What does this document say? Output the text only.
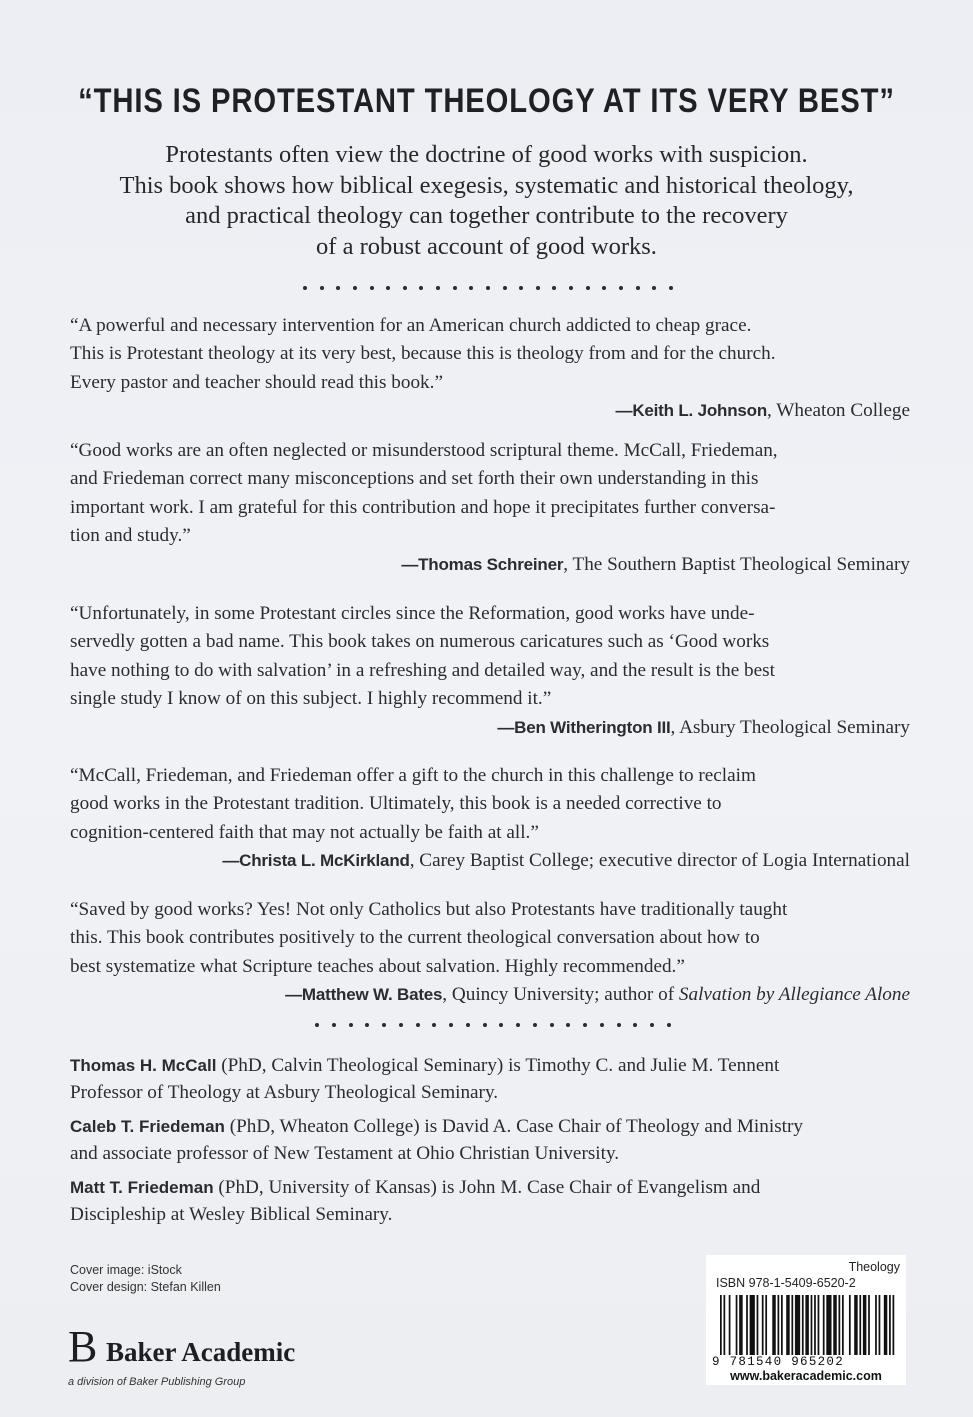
“THIS IS PROTESTANT THEOLOGY AT ITS VERY BEST”
Protestants often view the doctrine of good works with suspicion.
This book shows how biblical exegesis, systematic and historical theology,
and practical theology can together contribute to the recovery
of a robust account of good works.
“A powerful and necessary intervention for an American church addicted to cheap grace.
This is Protestant theology at its very best, because this is theology from and for the church.
Every pastor and teacher should read this book.”
—Keith L. Johnson, Wheaton College
“Good works are an often neglected or misunderstood scriptural theme. McCall, Friedeman,
and Friedeman correct many misconceptions and set forth their own understanding in this
important work. I am grateful for this contribution and hope it precipitates further conversa-
tion and study.”
—Thomas Schreiner, The Southern Baptist Theological Seminary
“Unfortunately, in some Protestant circles since the Reformation, good works have unde-
servedly gotten a bad name. This book takes on numerous caricatures such as ‘Good works
have nothing to do with salvation’ in a refreshing and detailed way, and the result is the best
single study I know of on this subject. I highly recommend it.”
—Ben Witherington III, Asbury Theological Seminary
“McCall, Friedeman, and Friedeman offer a gift to the church in this challenge to reclaim
good works in the Protestant tradition. Ultimately, this book is a needed corrective to
cognition-centered faith that may not actually be faith at all.”
—Christa L. McKirkland, Carey Baptist College; executive director of Logia International
“Saved by good works? Yes! Not only Catholics but also Protestants have traditionally taught
this. This book contributes positively to the current theological conversation about how to
best systematize what Scripture teaches about salvation. Highly recommended.”
—Matthew W. Bates, Quincy University; author of Salvation by Allegiance Alone
Thomas H. McCall (PhD, Calvin Theological Seminary) is Timothy C. and Julie M. Tennent
Professor of Theology at Asbury Theological Seminary.
Caleb T. Friedeman (PhD, Wheaton College) is David A. Case Chair of Theology and Ministry
and associate professor of New Testament at Ohio Christian University.
Matt T. Friedeman (PhD, University of Kansas) is John M. Case Chair of Evangelism and
Discipleship at Wesley Biblical Seminary.
Cover image: iStock
Cover design: Stefan Killen
B Baker Academic
a division of Baker Publishing Group
Theology
ISBN 978-1-5409-6520-2
9 781540 965202
www.bakeracademic.com
